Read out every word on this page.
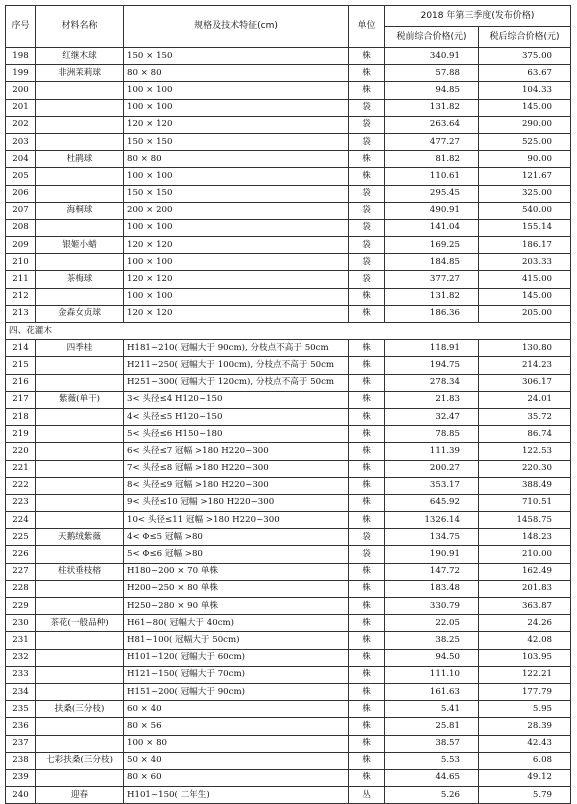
序号	材料名称	规格及技术特征(cm)	单位	2018 年第三季度(发布价格)	
				税前综合价格(元)	税后综合价格(元)
198	红继木球	150 × 150	株	340.91	375.00
199	非洲茉莉球	80 × 80	株	57.88	63.67
200		100 × 100	株	94.85	104.33
201		100 × 100	袋	131.82	145.00
202		120 × 120	袋	263.64	290.00
203		150 × 150	袋	477.27	525.00
204	杜鹃球	80 × 80	株	81.82	90.00
205		100 × 100	株	110.61	121.67
206		150 × 150	袋	295.45	325.00
207	海桐球	200 × 200	袋	490.91	540.00
208		100 × 100	袋	141.04	155.14
209	银姬小蜡	120 × 120	袋	169.25	186.17
210		100 × 100	袋	184.85	203.33
211	茶梅球	120 × 120	袋	377.27	415.00
212		100 × 100	株	131.82	145.00
213	金森女贞球	120 × 120	株	186.36	205.00
四、花灌木					
214	四季桂	H181~210( 冠幅大于 90cm), 分枝点不高于 50cm	株	118.91	130.80
215		H211~250( 冠幅大于 100cm), 分枝点不高于 50cm	株	194.75	214.23
216		H251~300( 冠幅大于 120cm), 分枝点不高于 50cm	株	278.34	306.17
217	紫薇(单干)	3< 头径≤4 H120~150	株	21.83	24.01
218		4< 头径≤5 H120~150	株	32.47	35.72
219		5< 头径≤6 H150~180	株	78.85	86.74
220		6< 头径≤7 冠幅 >180 H220~300	株	111.39	122.53
221		7< 头径≤8 冠幅 >180 H220~300	株	200.27	220.30
222		8< 头径≤9 冠幅 >180 H220~300	株	353.17	388.49
223		9< 头径≤10 冠幅 >180 H220~300	株	645.92	710.51
224		10< 头径≤11 冠幅 >180 H220~300	株	1326.14	1458.75
225	天鹅绒紫薇	4< Φ≤5 冠幅 >80	袋	134.75	148.23
226		5< Φ≤6 冠幅 >80	袋	190.91	210.00
227	柱状垂枝榕	H180~200 × 70 单株	株	147.72	162.49
228		H200~250 × 80 单株	株	183.48	201.83
229		H250~280 × 90 单株	株	330.79	363.87
230	茶花(一般品种)	H61~80( 冠幅大于 40cm)	株	22.05	24.26
231		H81~100( 冠幅大于 50cm)	株	38.25	42.08
232		H101~120( 冠幅大于 60cm)	株	94.50	103.95
233		H121~150( 冠幅大于 70cm)	株	111.10	122.21
234		H151~200( 冠幅大于 90cm)	株	161.63	177.79
235	扶桑(三分枝)	60 × 40	株	5.41	5.95
236		80 × 56	株	25.81	28.39
237		100 × 80	株	38.57	42.43
238	七彩扶桑(三分枝)	50 × 40	株	5.53	6.08
239		80 × 60	株	44.65	49.12
240	迎春	H101~150( 二年生)	丛	5.26	5.79
